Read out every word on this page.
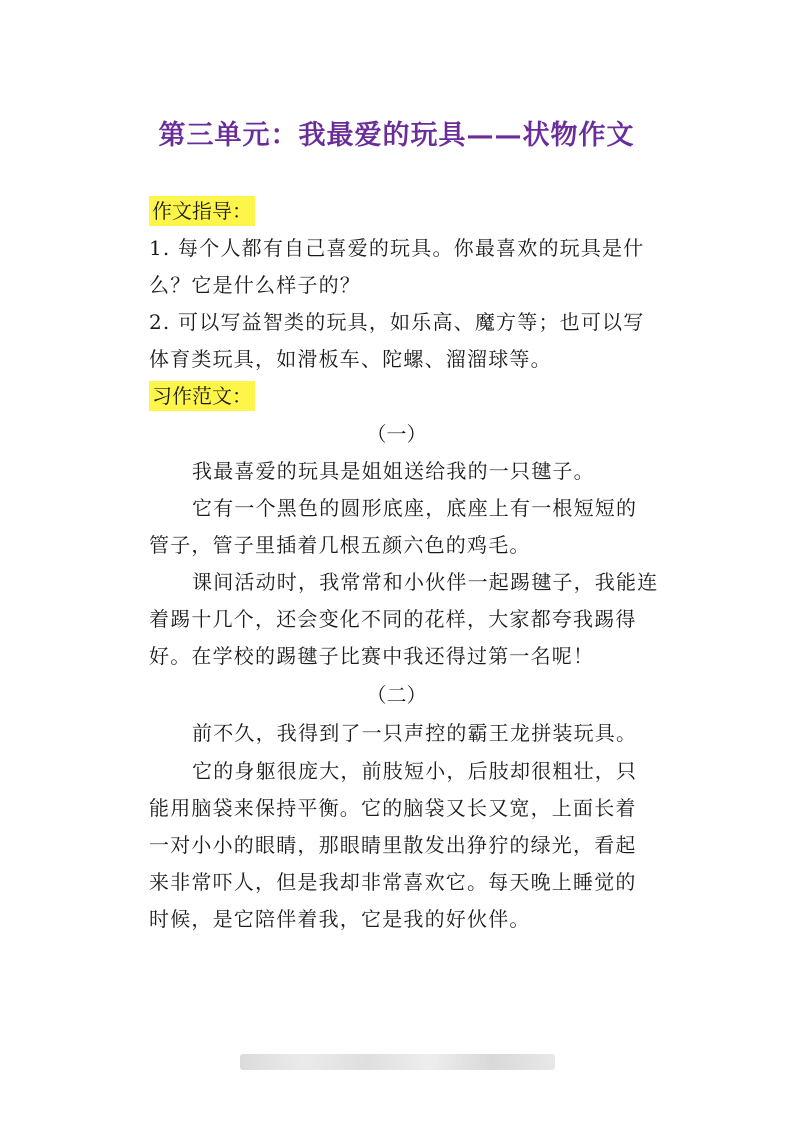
第三单元：我最爱的玩具——状物作文
作文指导：
1. 每个人都有自己喜爱的玩具。你最喜欢的玩具是什
么？它是什么样子的？
2. 可以写益智类的玩具，如乐高、魔方等；也可以写
体育类玩具，如滑板车、陀螺、溜溜球等。
习作范文：
（一）
我最喜爱的玩具是姐姐送给我的一只毽子。
它有一个黑色的圆形底座，底座上有一根短短的
管子，管子里插着几根五颜六色的鸡毛。
课间活动时，我常常和小伙伴一起踢毽子，我能连
着踢十几个，还会变化不同的花样，大家都夸我踢得
好。在学校的踢毽子比赛中我还得过第一名呢！
（二）
前不久，我得到了一只声控的霸王龙拼装玩具。
它的身躯很庞大，前肢短小，后肢却很粗壮，只
能用脑袋来保持平衡。它的脑袋又长又宽，上面长着
一对小小的眼睛，那眼睛里散发出狰狞的绿光，看起
来非常吓人，但是我却非常喜欢它。每天晚上睡觉的
时候，是它陪伴着我，它是我的好伙伴。
